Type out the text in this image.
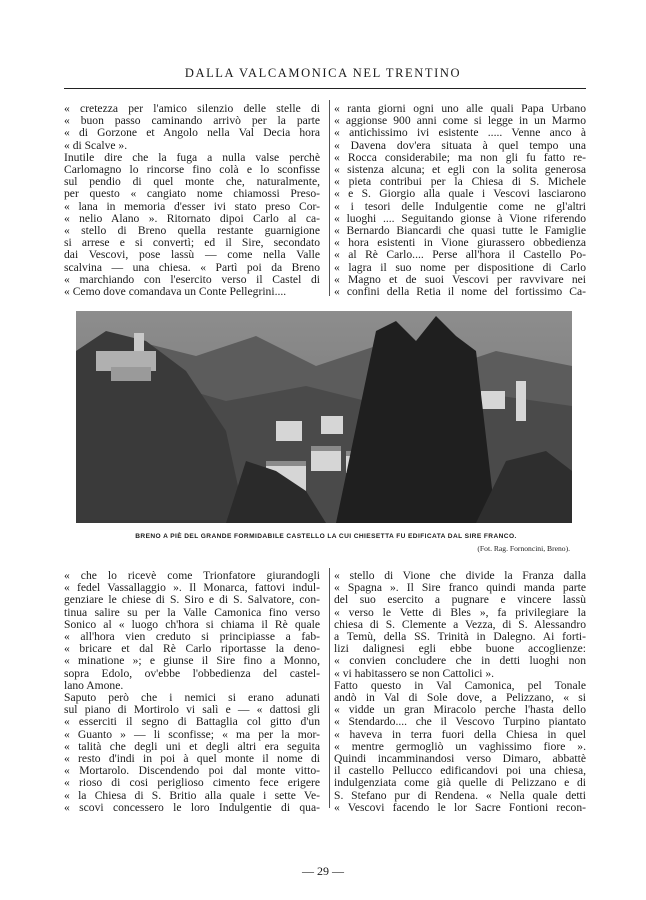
DALLA VALCAMONICA NEL TRENTINO
« cretezza per l'amico silenzio delle stelle di
« buon passo caminando arrivò per la parte
« di Gorzone et Angolo nella Val Decia hora
« di Scalve ».
Inutile dire che la fuga a nulla valse perchè
Carlomagno lo rincorse fino colà e lo sconfisse
sul pendio di quel monte che, naturalmente,
per questo « cangiato nome chiamossi Preso-
« lana in memoria d'esser ivi stato preso Cor-
« nelio Alano ». Ritornato dipoi Carlo al ca-
« stello di Breno quella restante guarnigione
si arrese e si convertì; ed il Sire, secondato
dai Vescovi, pose lassù — come nella Valle
scalvina — una chiesa. « Partì poi da Breno
« marchiando con l'esercito verso il Castel di
« Cemo dove comandava un Conte Pellegrini....
« ranta giorni ogni uno alle quali Papa Urbano
« aggionse 900 anni come si legge in un Marmo
« antichissimo ivi esistente ..... Venne anco à
« Davena dov'era situata à quel tempo una
« Rocca considerabile; ma non gli fu fatto re-
« sistenza alcuna; et egli con la solita generosa
« pieta contribui per la Chiesa di S. Michele
« e S. Giorgio alla quale i Vescovi lasciarono
« i tesori delle Indulgentie come ne gl'altri
« luoghi .... Seguitando gionse à Vione riferendo
« Bernardo Biancardi che quasi tutte le Famiglie
« hora esistenti in Vione giurassero obbedienza
« al Rè Carlo.... Perse all'hora il Castello Po-
« lagra il suo nome per dispositione di Carlo
« Magno et de suoi Vescovi per ravvivare nei
« confini della Retia il nome del fortissimo Ca-
BRENO A PIÈ DEL GRANDE FORMIDABILE CASTELLO LA CUI CHIESETTA FU EDIFICATA DAL SIRE FRANCO.
(Fot. Rag. Fornoncini, Breno).
« che lo ricevè come Trionfatore giurandogli
« fedel Vassallaggio ». Il Monarca, fattovi indul-
genziare le chiese di S. Siro e di S. Salvatore, con-
tinua salire su per la Valle Camonica fino verso
Sonico al « luogo ch'hora si chiama il Rè quale
« all'hora vien creduto si principiasse a fab-
« bricare et dal Rè Carlo riportasse la deno-
« minatione »; e giunse il Sire fino a Monno,
sopra Edolo, ov'ebbe l'obbedienza del castel-
lano Amone.
Saputo però che i nemici si erano adunati
sul piano di Mortirolo vi salì e — « dattosi gli
« esserciti il segno di Battaglia col gitto d'un
« Guanto » — li sconfisse; « ma per la mor-
« talità che degli uni et degli altri era seguita
« resto d'indi in poi à quel monte il nome di
« Mortarolo. Discendendo poi dal monte vitto-
« rioso di cosi periglioso cimento fece erigere
« la Chiesa di S. Britio alla quale i sette Ve-
« scovi concessero le loro Indulgentie di qua-
« stello di Vione che divide la Franza dalla
« Spagna ». Il Sire franco quindi manda parte
del suo esercito a pugnare e vincere lassù
« verso le Vette di Bles », fa privilegiare la
chiesa di S. Clemente a Vezza, di S. Alessandro
a Temù, della SS. Trinità in Dalegno. Ai forti-
lizi dalignesi egli ebbe buone accoglienze:
« convien concludere che in detti luoghi non
« vi habitassero se non Cattolici ».
Fatto questo in Val Camonica, pel Tonale
andò in Val di Sole dove, a Pelizzano, « si
« vidde un gran Miracolo perche l'hasta dello
« Stendardo.... che il Vescovo Turpino piantato
« haveva in terra fuori della Chiesa in quel
« mentre germogliò un vaghissimo fiore ».
Quindi incamminandosi verso Dimaro, abbattè
il castello Pellucco edificandovi poi una chiesa,
indulgenziata come già quelle di Pelizzano e di
S. Stefano pur di Rendena. « Nella quale detti
« Vescovi facendo le lor Sacre Fontioni recon-
— 29 —
